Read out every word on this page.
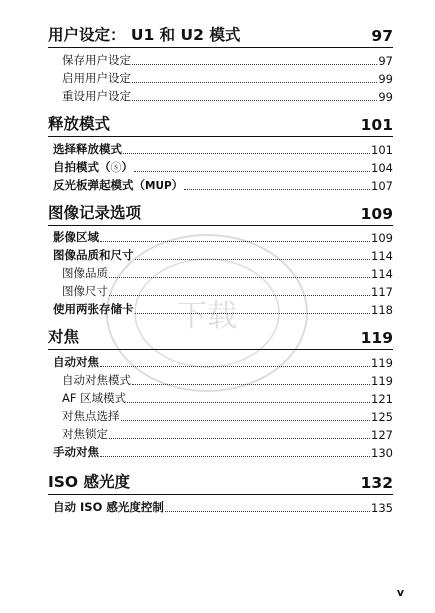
用户设定： U1 和 U2 模式	97
保存用户设定	97
启用用户设定	99
重设用户设定	99
释放模式	101
选择释放模式	101
自拍模式（ⓢ）	104
反光板弹起模式（MUP）	107
图像记录选项	109
影像区域	109
图像品质和尺寸	114
图像品质	114
图像尺寸	117
使用两张存储卡	118
对焦	119
自动对焦	119
自动对焦模式	119
AF 区域模式	121
对焦点选择	125
对焦锁定	127
手动对焦	130
ISO 感光度	132
自动 ISO 感光度控制	135
下载
v
